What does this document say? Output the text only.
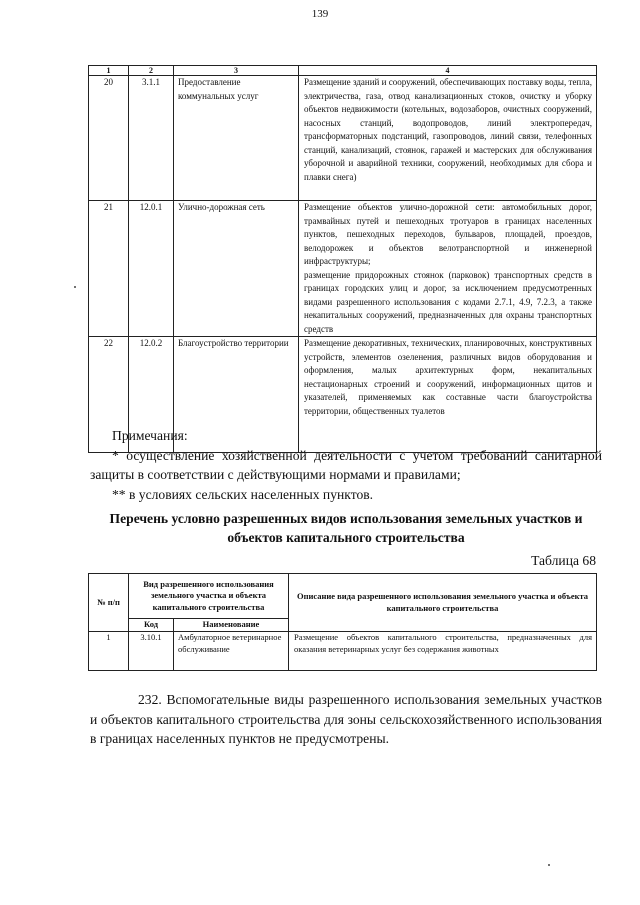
139
1	2	3	4
20	3.1.1	Предоставление коммунальных услуг	Размещение зданий и сооружений, обеспечивающих поставку воды, тепла, электричества, газа, отвод канализационных стоков, очистку и уборку объектов недвижимости (котельных, водозаборов, очистных сооружений, насосных станций, водопроводов, линий электропередач, трансформаторных подстанций, газопроводов, линий связи, телефонных станций, канализаций, стоянок, гаражей и мастерских для обслуживания уборочной и аварийной техники, сооружений, необходимых для сбора и плавки снега)
21	12.0.1	Улично-дорожная сеть	Размещение объектов улично-дорожной сети: автомобильных дорог, трамвайных путей и пешеходных тротуаров в границах населенных пунктов, пешеходных переходов, бульваров, площадей, проездов, велодорожек и объектов велотранспортной и инженерной инфраструктуры;

размещение придорожных стоянок (парковок) транспортных средств в границах городских улиц и дорог, за исключением предусмотренных видами разрешенного использования с кодами 2.7.1, 4.9, 7.2.3, а также некапитальных сооружений, предназначенных для охраны транспортных средств

22	12.0.2	Благоустройство территории	Размещение декоративных, технических, планировочных, конструктивных устройств, элементов озеленения, различных видов оборудования и оформления, малых архитектурных форм, некапитальных нестационарных строений и сооружений, информационных щитов и указателей, применяемых как составные части благоустройства территории, общественных туалетов

Примечания:

* осуществление хозяйственной деятельности с учетом требований санитарной защиты в соответствии с действующими нормами и правилами;

** в условиях сельских населенных пунктов.

Перечень условно разрешенных видов использования земельных участков и объектов капитального строительства
Таблица 68
№ п/п	Вид разрешенного использования земельного участка и объекта капитального строительства		Описание вида разрешенного использования земельного участка и объекта капитального строительства
	Код	Наименование	
1	3.10.1	Амбулаторное ветеринарное обслуживание	Размещение объектов капитального строительства, предназначенных для оказания ветеринарных услуг без содержания животных

232. Вспомогательные виды разрешенного использования земельных участков и объектов капитального строительства для зоны сельскохозяйственного использования в границах населенных пунктов не предусмотрены.
